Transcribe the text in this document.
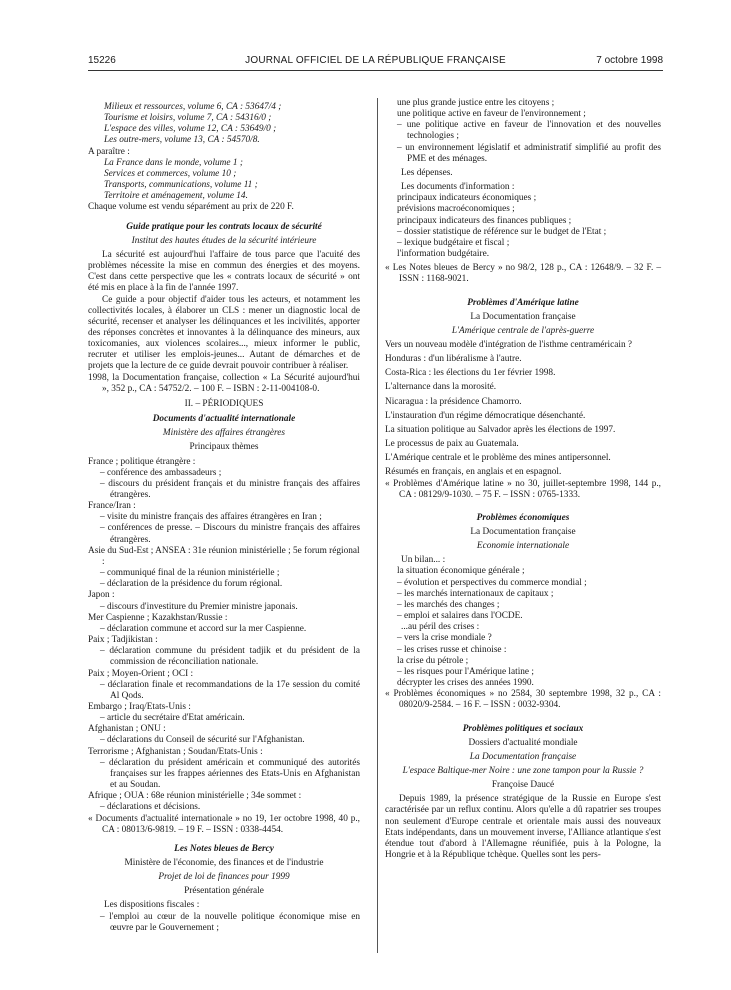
15226	JOURNAL OFFICIEL DE LA RÉPUBLIQUE FRANÇAISE	7 octobre 1998

Milieux et ressources, volume 6, CA : 53647/4 ;

Tourisme et loisirs, volume 7, CA : 54316/0 ;

L'espace des villes, volume 12, CA : 53649/0 ;

Les outre-mers, volume 13, CA : 54570/8.

A paraître :

La France dans le monde, volume 1 ;

Services et commerces, volume 10 ;

Transports, communications, volume 11 ;

Territoire et aménagement, volume 14.

Chaque volume est vendu séparément au prix de 220 F.

Guide pratique pour les contrats locaux de sécurité

Institut des hautes études de la sécurité intérieure

La sécurité est aujourd'hui l'affaire de tous parce que l'acuité des problèmes nécessite la mise en commun des énergies et des moyens. C'est dans cette perspective que les « contrats locaux de sécurité » ont été mis en place à la fin de l'année 1997.

Ce guide a pour objectif d'aider tous les acteurs, et notamment les collectivités locales, à élaborer un CLS : mener un diagnostic local de sécurité, recenser et analyser les délinquances et les incivilités, apporter des réponses concrètes et innovantes à la délinquance des mineurs, aux toxicomanies, aux violences scolaires..., mieux informer le public, recruter et utiliser les emplois-jeunes... Autant de démarches et de projets que la lecture de ce guide devrait pouvoir contribuer à réaliser.

1998, la Documentation française, collection « La Sécurité aujourd'hui », 352 p., CA : 54752/2. – 100 F. – ISBN : 2-11-004108-0.

II. – PÉRIODIQUES

Documents d'actualité internationale

Ministère des affaires étrangères

Principaux thèmes

France ; politique étrangère :

– conférence des ambassadeurs ;

– discours du président français et du ministre français des affaires étrangères.

France/Iran :

– visite du ministre français des affaires étrangères en Iran ;

– conférences de presse. – Discours du ministre français des affaires étrangères.

Asie du Sud-Est ; ANSEA : 31e réunion ministérielle ; 5e forum régional :

– communiqué final de la réunion ministérielle ;

– déclaration de la présidence du forum régional.

Japon :

– discours d'investiture du Premier ministre japonais.

Mer Caspienne ; Kazakhstan/Russie :

– déclaration commune et accord sur la mer Caspienne.

Paix ; Tadjikistan :

– déclaration commune du président tadjik et du président de la commission de réconciliation nationale.

Paix ; Moyen-Orient ; OCI :

– déclaration finale et recommandations de la 17e session du comité Al Qods.

Embargo ; Iraq/Etats-Unis :

– article du secrétaire d'Etat américain.

Afghanistan ; ONU :

– déclarations du Conseil de sécurité sur l'Afghanistan.

Terrorisme ; Afghanistan ; Soudan/Etats-Unis :

– déclaration du président américain et communiqué des autorités françaises sur les frappes aériennes des Etats-Unis en Afghanistan et au Soudan.

Afrique ; OUA : 68e réunion ministérielle ; 34e sommet :

– déclarations et décisions.

« Documents d'actualité internationale » no 19, 1er octobre 1998, 40 p., CA : 08013/6-9819. – 19 F. – ISSN : 0338-4454.

Les Notes bleues de Bercy

Ministère de l'économie, des finances et de l'industrie

Projet de loi de finances pour 1999

Présentation générale

Les dispositions fiscales :

– l'emploi au cœur de la nouvelle politique économique mise en œuvre par le Gouvernement ;

une plus grande justice entre les citoyens ;

une politique active en faveur de l'environnement ;

– une politique active en faveur de l'innovation et des nouvelles technologies ;

– un environnement législatif et administratif simplifié au profit des PME et des ménages.

Les dépenses.

Les documents d'information :

principaux indicateurs économiques ;

prévisions macroéconomiques ;

principaux indicateurs des finances publiques ;

– dossier statistique de référence sur le budget de l'Etat ;

– lexique budgétaire et fiscal ;

l'information budgétaire.

« Les Notes bleues de Bercy » no 98/2, 128 p., CA : 12648/9. – 32 F. – ISSN : 1168-9021.

Problèmes d'Amérique latine

La Documentation française

L'Amérique centrale de l'après-guerre

Vers un nouveau modèle d'intégration de l'isthme centraméricain ?

Honduras : d'un libéralisme à l'autre.

Costa-Rica : les élections du 1er février 1998.

L'alternance dans la morosité.

Nicaragua : la présidence Chamorro.

L'instauration d'un régime démocratique désenchanté.

La situation politique au Salvador après les élections de 1997.

Le processus de paix au Guatemala.

L'Amérique centrale et le problème des mines antipersonnel.

Résumés en français, en anglais et en espagnol.

« Problèmes d'Amérique latine » no 30, juillet-septembre 1998, 144 p., CA : 08129/9-1030. – 75 F. – ISSN : 0765-1333.

Problèmes économiques

La Documentation française

Economie internationale

Un bilan... :

la situation économique générale ;

– évolution et perspectives du commerce mondial ;

– les marchés internationaux de capitaux ;

– les marchés des changes ;

– emploi et salaires dans l'OCDE.

...au péril des crises :

– vers la crise mondiale ?

– les crises russe et chinoise :

la crise du pétrole ;

– les risques pour l'Amérique latine ;

décrypter les crises des années 1990.

« Problèmes économiques » no 2584, 30 septembre 1998, 32 p., CA : 08020/9-2584. – 16 F. – ISSN : 0032-9304.

Problèmes politiques et sociaux

Dossiers d'actualité mondiale

La Documentation française

L'espace Baltique-mer Noire : une zone tampon pour la Russie ?

Françoise Daucé

Depuis 1989, la présence stratégique de la Russie en Europe s'est caractérisée par un reflux continu. Alors qu'elle a dû rapatrier ses troupes non seulement d'Europe centrale et orientale mais aussi des nouveaux Etats indépendants, dans un mouvement inverse, l'Alliance atlantique s'est étendue tout d'abord à l'Allemagne réunifiée, puis à la Pologne, la Hongrie et à la République tchèque. Quelles sont les pers-
